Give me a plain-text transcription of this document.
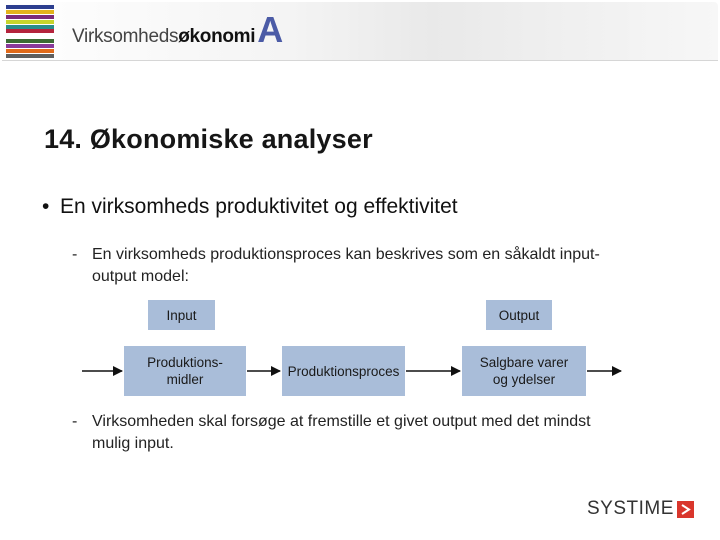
Virksomheds økonomi A
14. Økonomiske analyser
• En virksomheds produktivitet og effektivitet
- En virksomheds produktionsproces kan beskrives som en såkaldt input-output model:
Input	Output
Produktions-
midler
Produktionsproces
Salgbare varer
og ydelser
- Virksomheden skal forsøge at fremstille et givet output med det mindst mulig input.
SYSTIME
